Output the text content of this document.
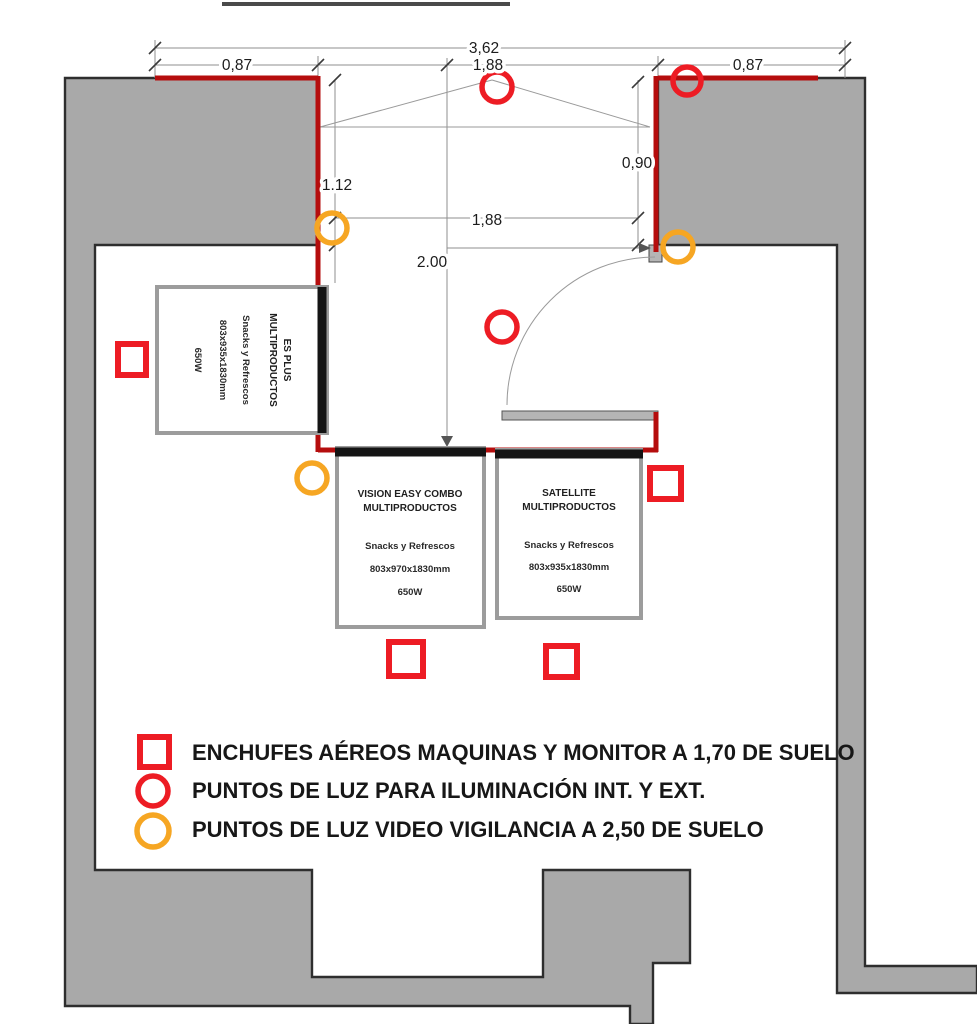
ES PLUS
MULTIPRODUCTOS
Snacks y Refrescos
803x935x1830mm
650W
VISION EASY COMBO
MULTIPRODUCTOS
Snacks y Refrescos
803x970x1830mm
650W
SATELLITE
MULTIPRODUCTOS
Snacks y Refrescos
803x935x1830mm
650W
3,62
0,87	1,88	0,87
1.12
0,90
1,88
2.00
ENCHUFES AÉREOS MAQUINAS Y MONITOR A 1,70 DE SUELO
PUNTOS DE LUZ PARA ILUMINACIÓN INT. Y EXT.
PUNTOS DE LUZ VIDEO VIGILANCIA A 2,50 DE SUELO
